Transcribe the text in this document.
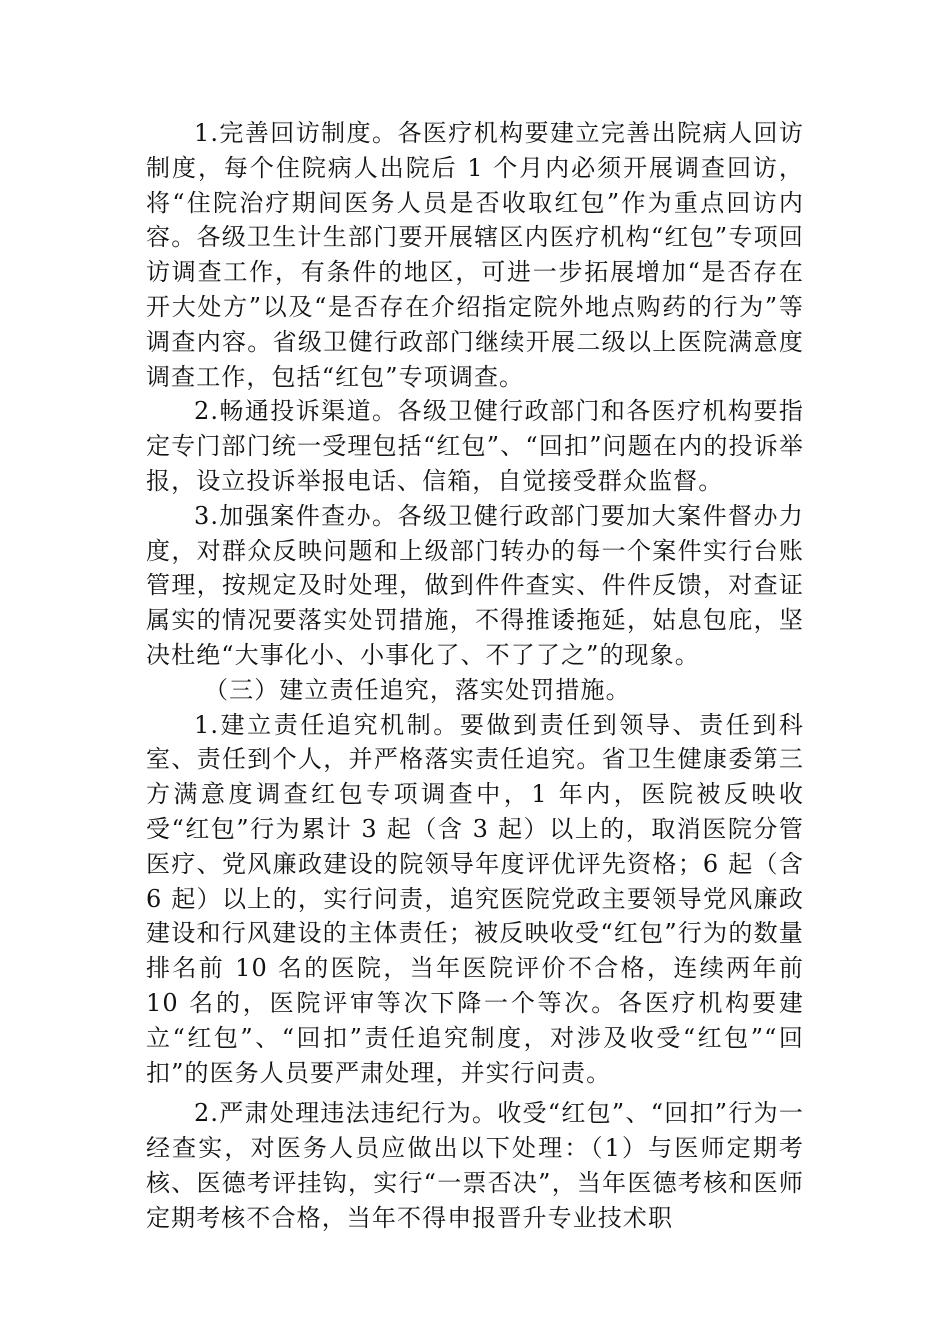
1.完善回访制度。各医疗机构要建立完善出院病人回访制度，每个住院病人出院后 1 个月内必须开展调查回访，将“住院治疗期间医务人员是否收取红包”作为重点回访内容。各级卫生计生部门要开展辖区内医疗机构“红包”专项回访调查工作，有条件的地区，可进一步拓展增加“是否存在开大处方”以及“是否存在介绍指定院外地点购药的行为”等调查内容。省级卫健行政部门继续开展二级以上医院满意度调查工作，包括“红包”专项调查。

2.畅通投诉渠道。各级卫健行政部门和各医疗机构要指定专门部门统一受理包括“红包”、“回扣”问题在内的投诉举报，设立投诉举报电话、信箱，自觉接受群众监督。

3.加强案件查办。各级卫健行政部门要加大案件督办力度，对群众反映问题和上级部门转办的每一个案件实行台账管理，按规定及时处理，做到件件查实、件件反馈，对查证属实的情况要落实处罚措施，不得推诿拖延，姑息包庇，坚决杜绝“大事化小、小事化了、不了了之”的现象。

（三）建立责任追究，落实处罚措施。

1.建立责任追究机制。要做到责任到领导、责任到科室、责任到个人，并严格落实责任追究。省卫生健康委第三方满意度调查红包专项调查中，1 年内，医院被反映收受“红包”行为累计 3 起（含 3 起）以上的，取消医院分管医疗、党风廉政建设的院领导年度评优评先资格；6 起（含 6 起）以上的，实行问责，追究医院党政主要领导党风廉政建设和行风建设的主体责任；被反映收受“红包”行为的数量排名前 10 名的医院，当年医院评价不合格，连续两年前 10 名的，医院评审等次下降一个等次。各医疗机构要建立“红包”、“回扣”责任追究制度，对涉及收受“红包”“回扣”的医务人员要严肃处理，并实行问责。

2.严肃处理违法违纪行为。收受“红包”、“回扣”行为一经查实，对医务人员应做出以下处理：（1）与医师定期考核、医德考评挂钩，实行“一票否决”，当年医德考核和医师定期考核不合格，当年不得申报晋升专业技术职
